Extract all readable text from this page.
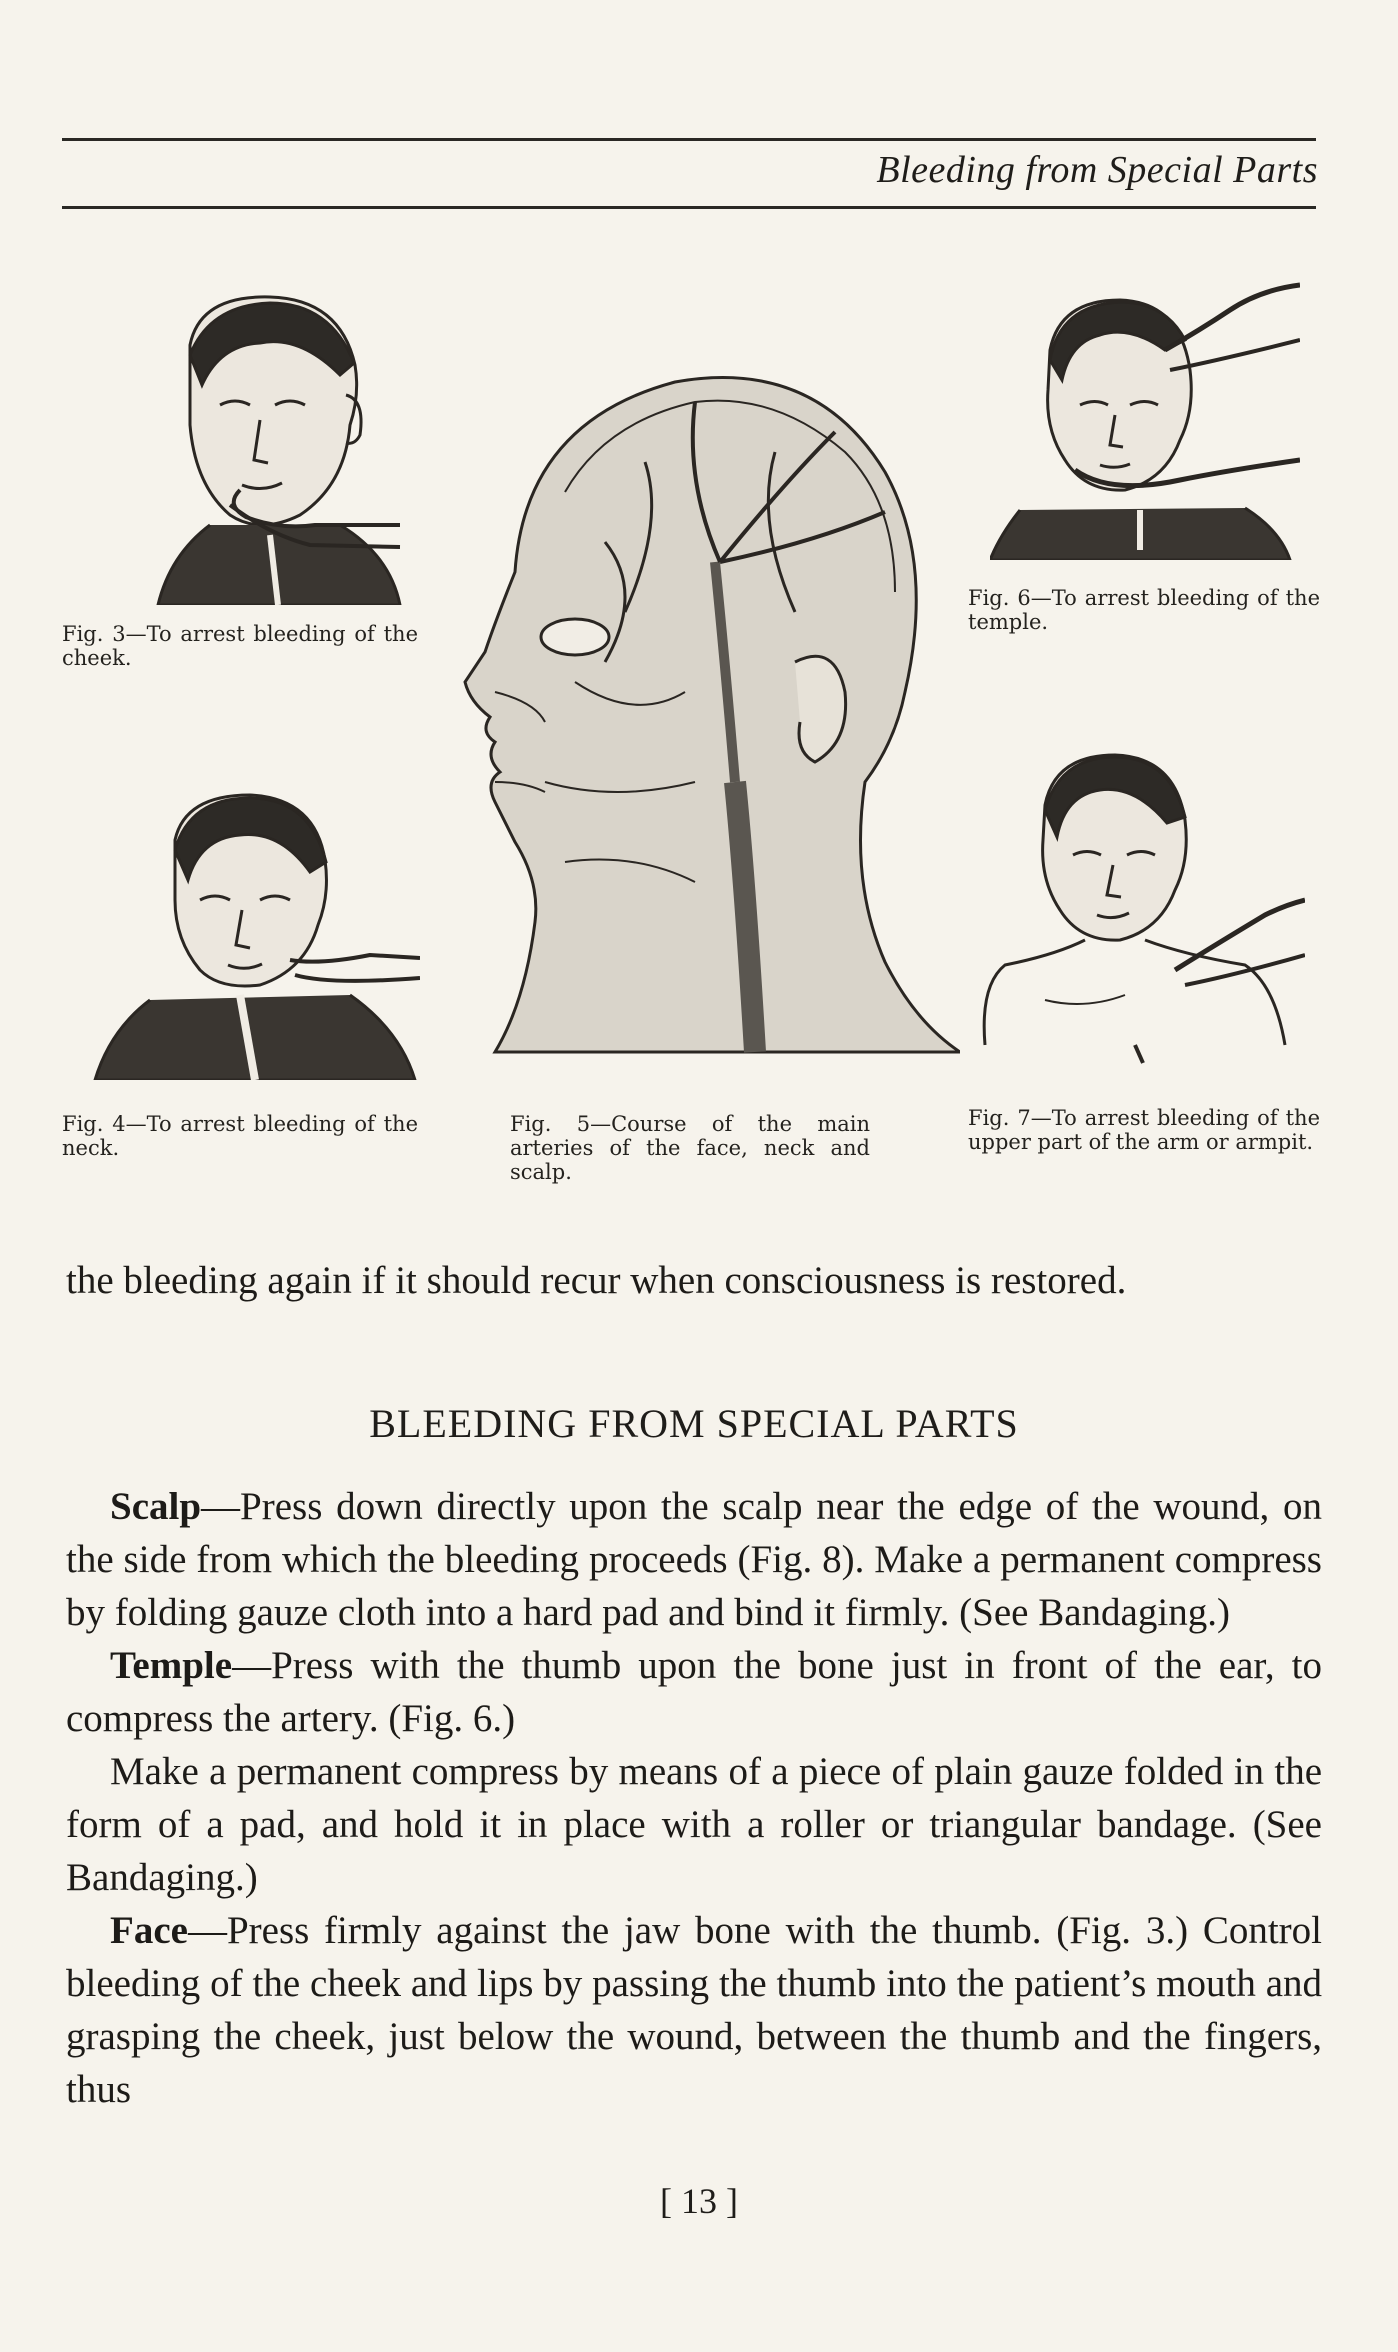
Bleeding from Special Parts
Fig. 3—To arrest bleeding of the cheek.
Fig. 4—To arrest bleeding of the neck.
Fig. 5—Course of the main arteries of the face, neck and scalp.
Fig. 6—To arrest bleeding of the temple.
Fig. 7—To arrest bleeding of the upper part of the arm or armpit.

the bleeding again if it should recur when consciousness is restored.

BLEEDING FROM SPECIAL PARTS

Scalp—Press down directly upon the scalp near the edge of the wound, on the side from which the bleeding proceeds (Fig. 8). Make a permanent compress by folding gauze cloth into a hard pad and bind it firmly. (See Bandaging.)

Temple—Press with the thumb upon the bone just in front of the ear, to compress the artery. (Fig. 6.)

Make a permanent compress by means of a piece of plain gauze folded in the form of a pad, and hold it in place with a roller or triangular bandage. (See Bandaging.)

Face—Press firmly against the jaw bone with the thumb. (Fig. 3.) Control bleeding of the cheek and lips by passing the thumb into the patient’s mouth and grasping the cheek, just below the wound, between the thumb and the fingers, thus

[ 13 ]
